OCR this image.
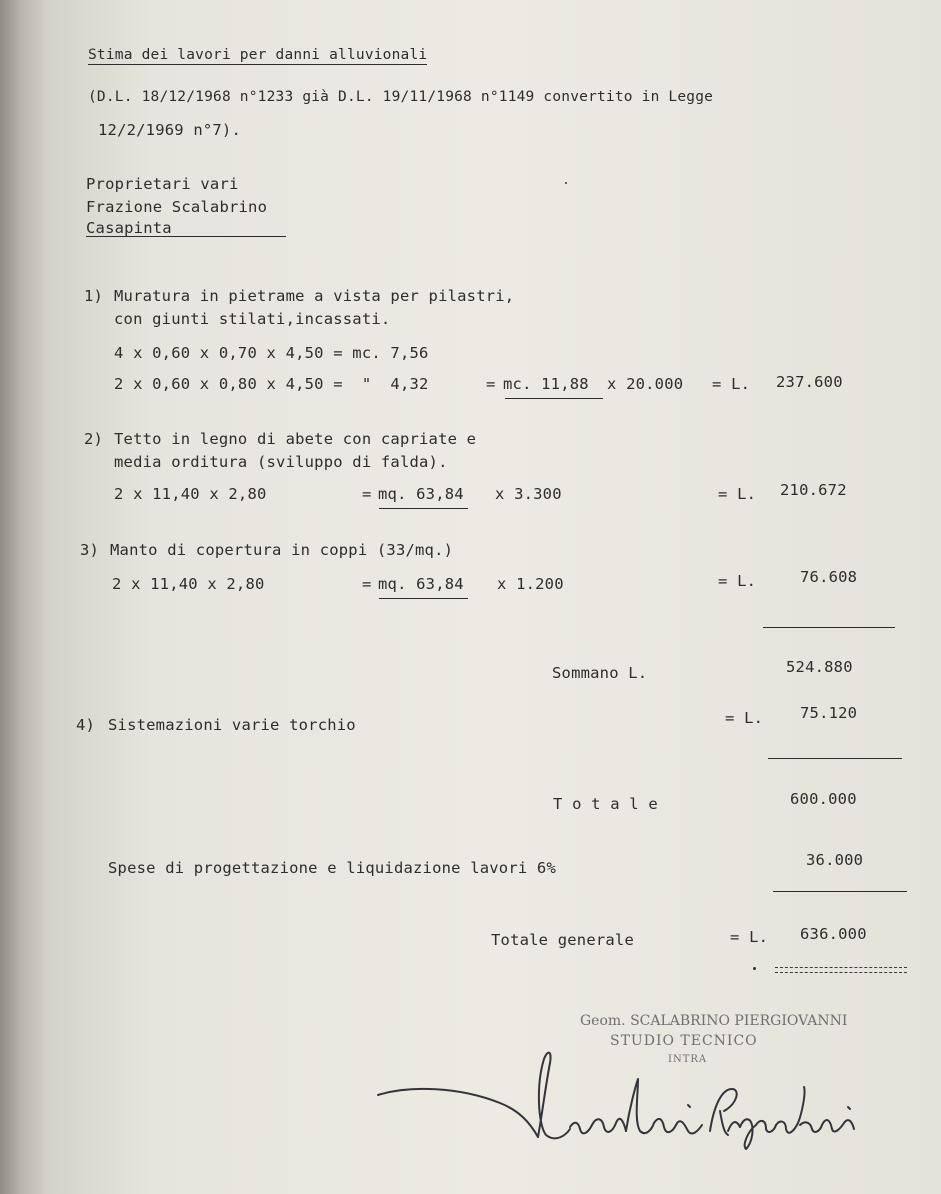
Stima dei lavori per danni alluvionali
(D.L. 18/12/1968 n°1233 già D.L. 19/11/1968 n°1149 convertito in Legge
12/2/1969 n°7).
Proprietari vari
Frazione Scalabrino
Casapinta
1) Muratura in pietrame a vista per pilastri,
con giunti stilati,incassati.
4 x 0,60 x 0,70 x 4,50 = mc. 7,56
2 x 0,60 x 0,80 x 4,50 =  "  4,32	= mc. 11,88 x 20.000 = L. 237.600
2) Tetto in legno di abete con capriate e
media orditura (sviluppo di falda).
2 x 11,40 x 2,80	= mq. 63,84 x 3.300	= L. 210.672
3) Manto di copertura in coppi (33/mq.)
2 x 11,40 x 2,80	= mq. 63,84 x 1.200	= L.	76.608
Sommano L.	524.880
4) Sistemazioni varie torchio	= L. 75.120
T o t a l e	600.000
Spese di progettazione e liquidazione lavori 6%	36.000
Totale generale	= L. 636.000
Geom. SCALABRINO PIERGIOVANNI
STUDIO TECNICO
INTRA
